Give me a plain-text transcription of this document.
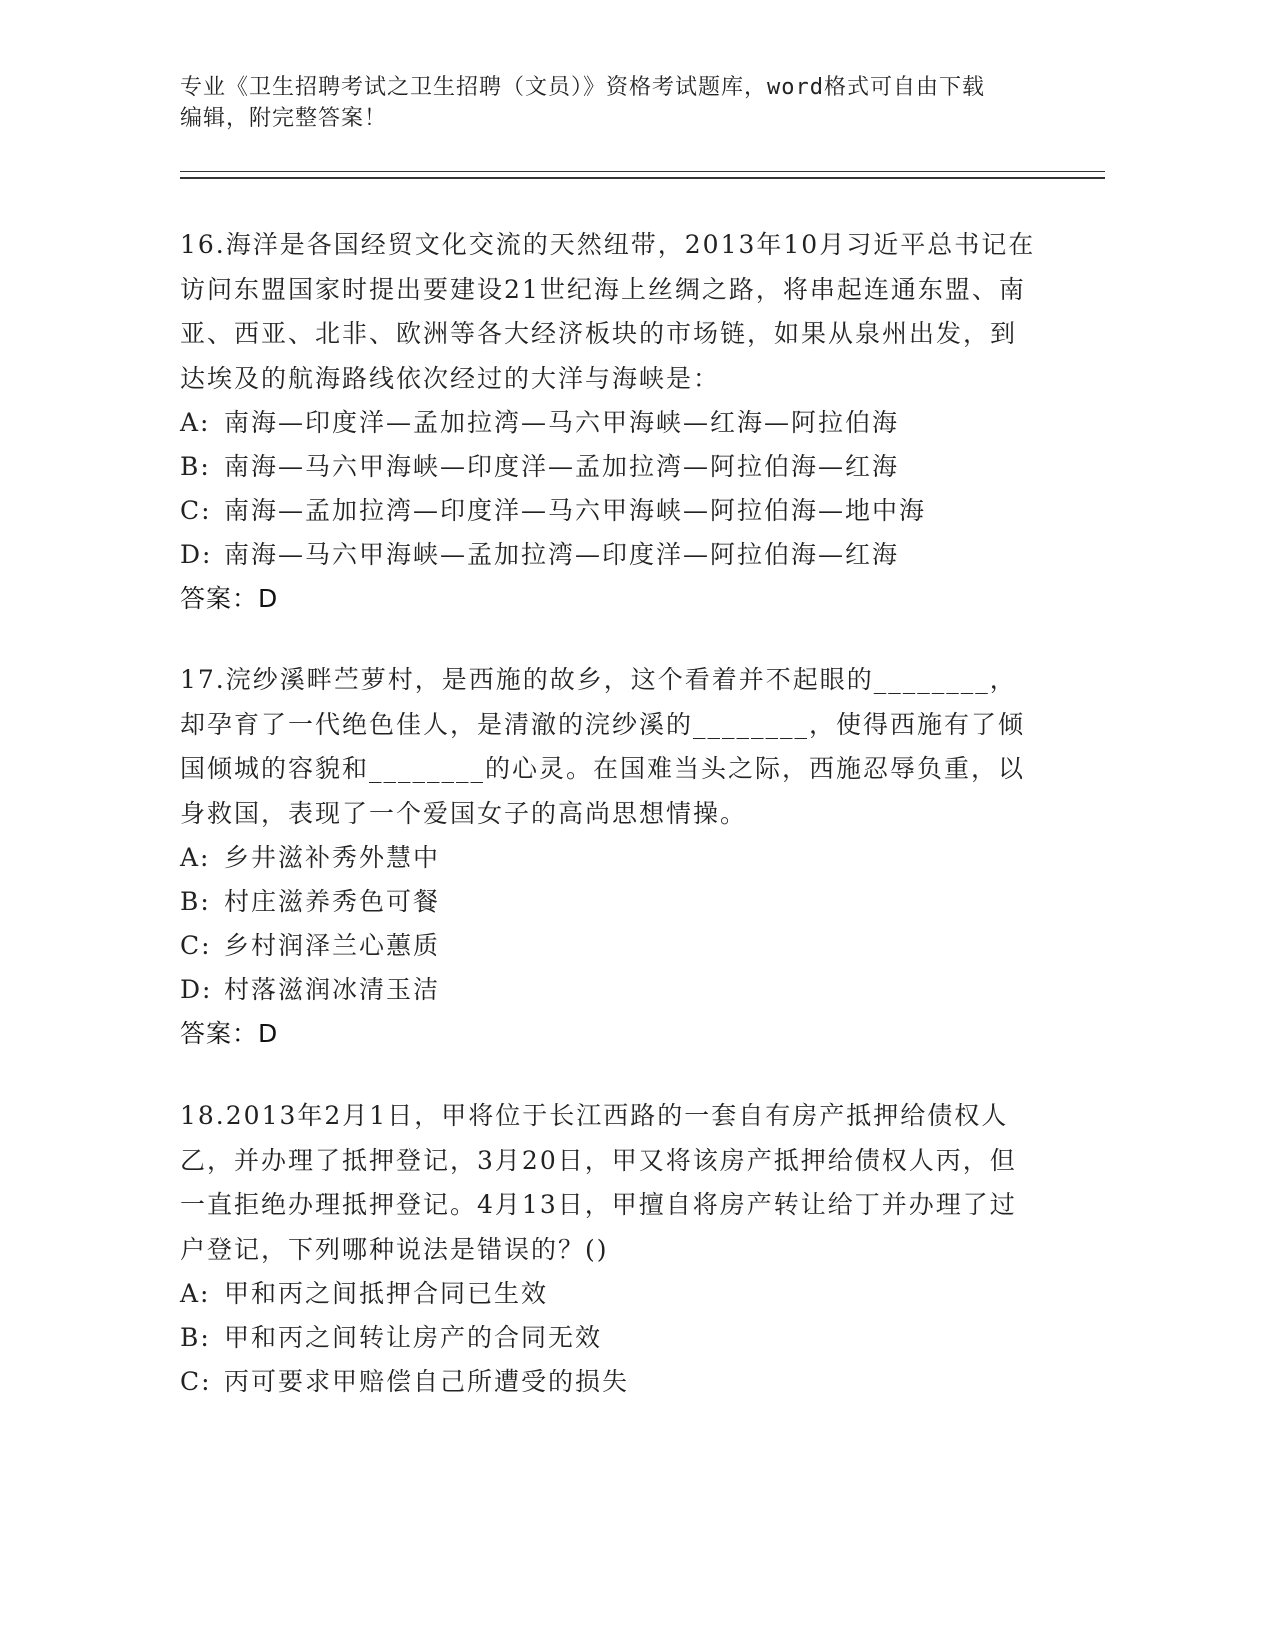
专业《卫生招聘考试之卫生招聘（文员）》资格考试题库，word格式可自由下载
编辑，附完整答案！

16.海洋是各国经贸文化交流的天然纽带，2013年10月习近平总书记在访问东盟国家时提出要建设21世纪海上丝绸之路，将串起连通东盟、南亚、西亚、北非、欧洲等各大经济板块的市场链，如果从泉州出发，到达埃及的航海路线依次经过的大洋与海峡是：

A: 南海—印度洋—孟加拉湾—马六甲海峡—红海—阿拉伯海
B: 南海—马六甲海峡—印度洋—孟加拉湾—阿拉伯海—红海
C: 南海—孟加拉湾—印度洋—马六甲海峡—阿拉伯海—地中海
D: 南海—马六甲海峡—孟加拉湾—印度洋—阿拉伯海—红海

答案：D

17.浣纱溪畔苎萝村，是西施的故乡，这个看着并不起眼的________，却孕育了一代绝色佳人，是清澈的浣纱溪的________，使得西施有了倾国倾城的容貌和________的心灵。在国难当头之际，西施忍辱负重，以身救国，表现了一个爱国女子的高尚思想情操。

A: 乡井滋补秀外慧中
B: 村庄滋养秀色可餐
C: 乡村润泽兰心蕙质
D: 村落滋润冰清玉洁

答案：D

18.2013年2月1日，甲将位于长江西路的一套自有房产抵押给债权人乙，并办理了抵押登记，3月20日，甲又将该房产抵押给债权人丙，但一直拒绝办理抵押登记。4月13日，甲擅自将房产转让给丁并办理了过户登记，下列哪种说法是错误的？()

A: 甲和丙之间抵押合同已生效
B: 甲和丙之间转让房产的合同无效
C: 丙可要求甲赔偿自己所遭受的损失
